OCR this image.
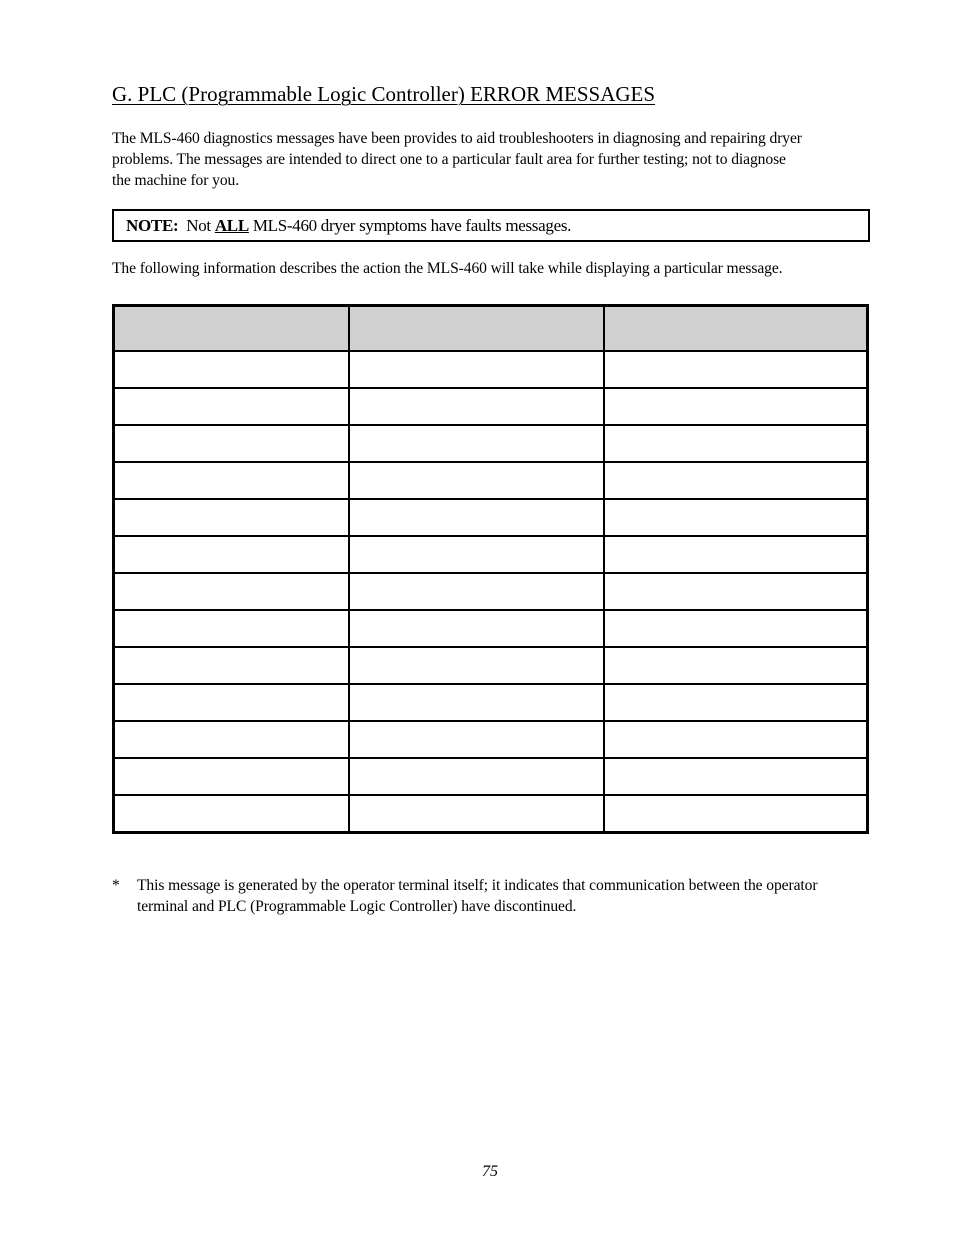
G. PLC (Programmable Logic Controller) ERROR MESSAGES

The MLS-460 diagnostics messages have been provides to aid troubleshooters in diagnosing and repairing dryer
problems. The messages are intended to direct one to a particular fault area for further testing; not to diagnose
the machine for you.

NOTE: Not ALL MLS-460 dryer symptoms have faults messages.

The following information describes the action the MLS-460 will take while displaying a particular message.

* This message is generated by the operator terminal itself; it indicates that communication between the operator
terminal and PLC (Programmable Logic Controller) have discontinued.
75
